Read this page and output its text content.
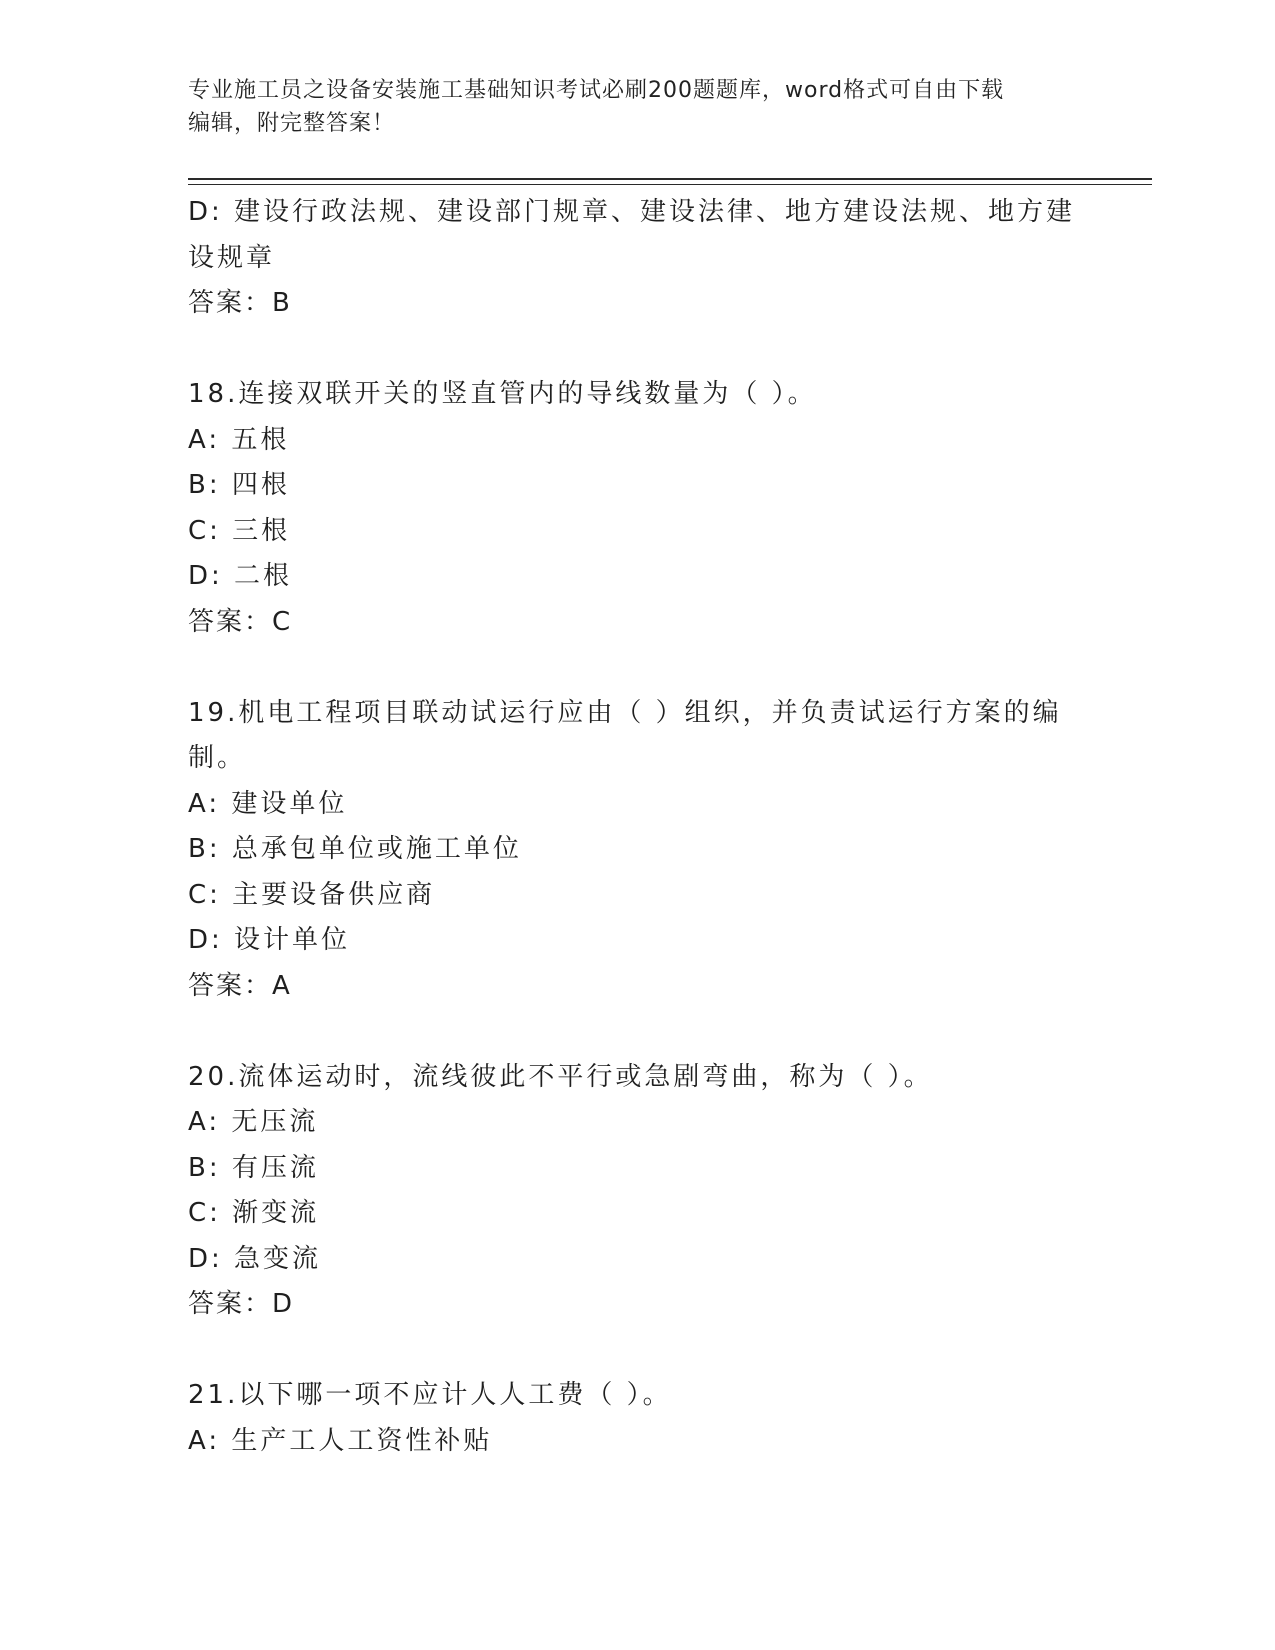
专业施工员之设备安装施工基础知识考试必刷200题题库，word格式可自由下载
编辑，附完整答案！
D: 建设行政法规、建设部门规章、建设法律、地方建设法规、地方建
设规章
答案：B
18.连接双联开关的竖直管内的导线数量为（ ）。
A: 五根
B: 四根
C: 三根
D: 二根
答案：C
19.机电工程项目联动试运行应由（ ）组织，并负责试运行方案的编
制。
A: 建设单位
B: 总承包单位或施工单位
C: 主要设备供应商
D: 设计单位
答案：A
20.流体运动时，流线彼此不平行或急剧弯曲，称为（ ）。
A: 无压流
B: 有压流
C: 渐变流
D: 急变流
答案：D
21.以下哪一项不应计人人工费（ ）。
A: 生产工人工资性补贴
